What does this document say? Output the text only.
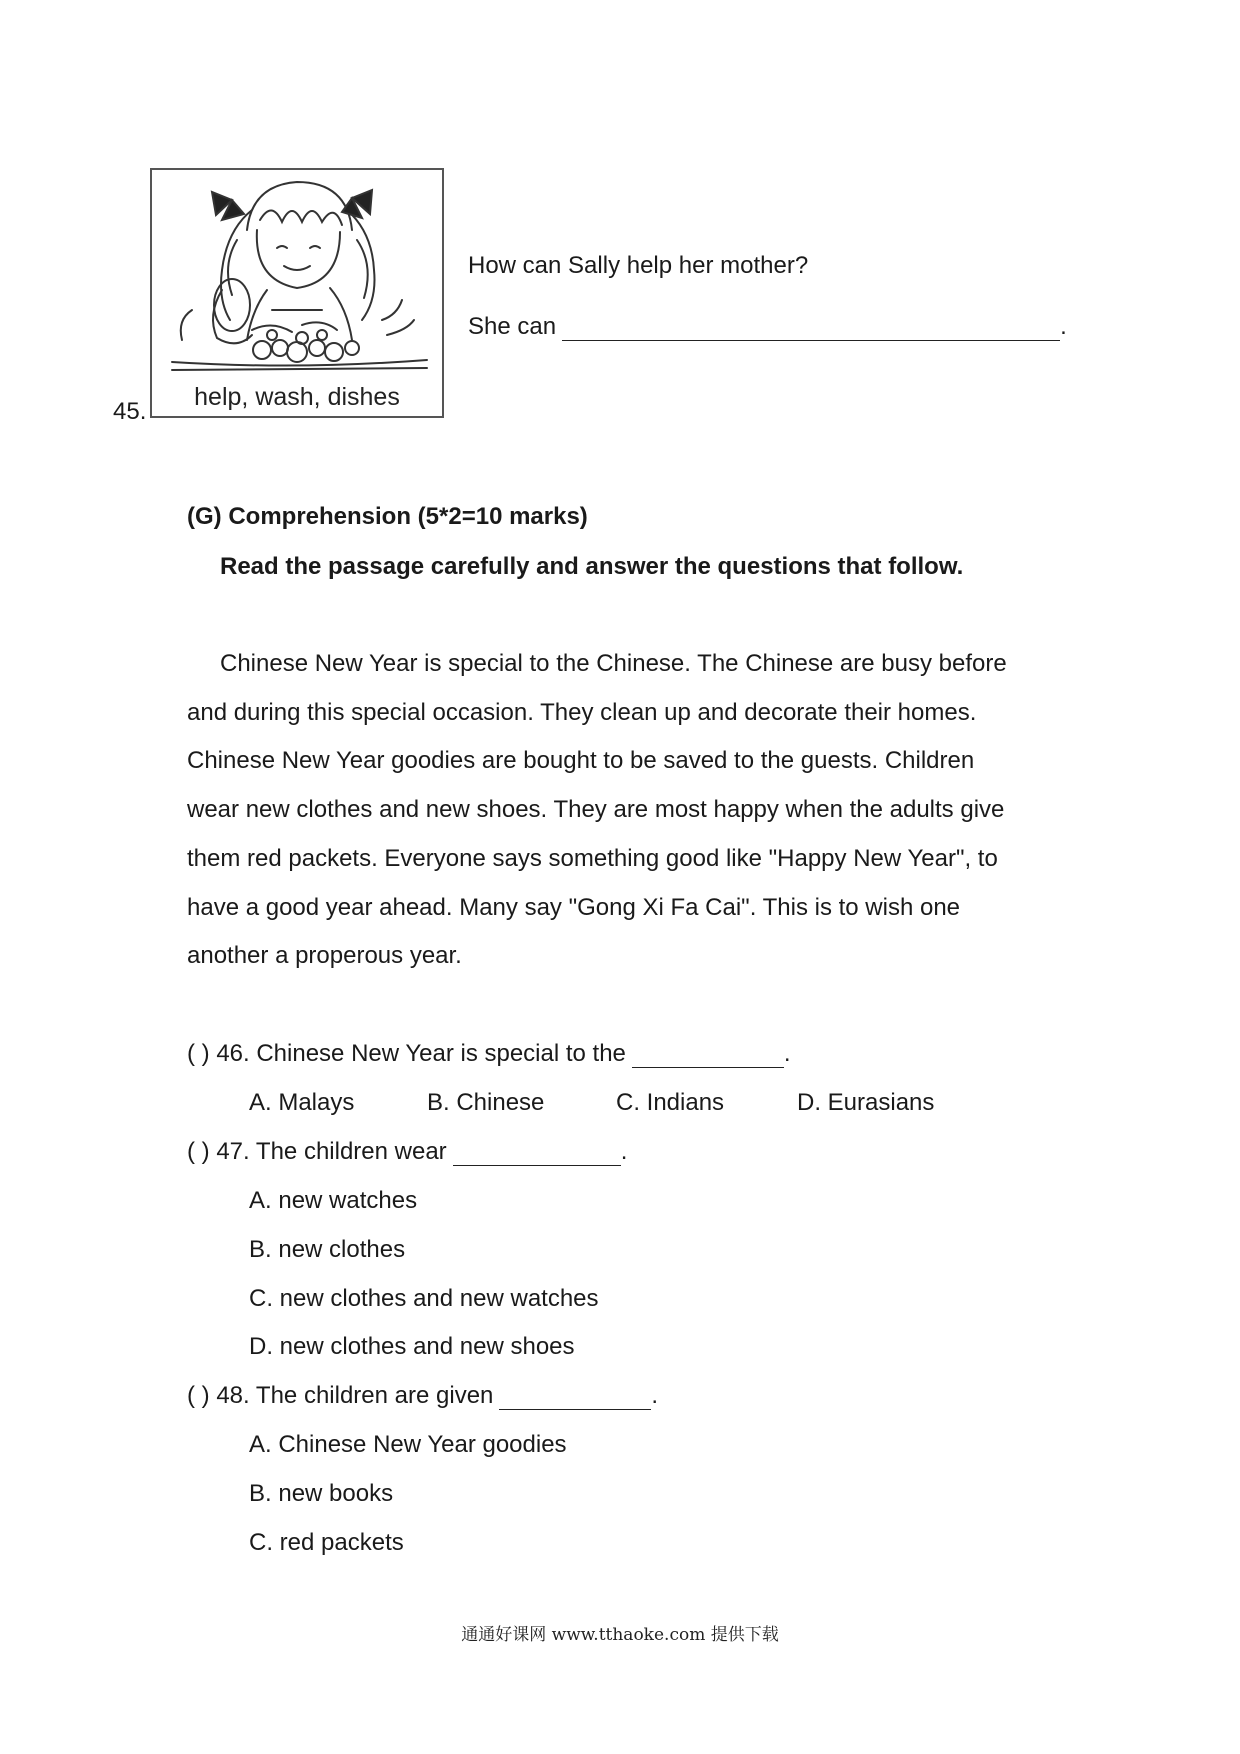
45.
help, wash, dishes
How can Sally help her mother?
She can	.
(G) Comprehension (5*2=10 marks)
Read the passage carefully and answer the questions that follow.
Chinese New Year is special to the Chinese. The Chinese are busy before
and during this special occasion. They clean up and decorate their homes.
Chinese New Year goodies are bought to be saved to the guests. Children
wear new clothes and new shoes. They are most happy when the adults give
them red packets. Everyone says something good like "Happy New Year", to
have a good year ahead. Many say "Gong Xi Fa Cai". This is to wish one
another a properous year.
( ) 46. Chinese New Year is special to the	.
A. Malays	B. Chinese	C. Indians	D. Eurasians
( ) 47. The children wear	.
A. new watches
B. new clothes
C. new clothes and new watches
D. new clothes and new shoes
( ) 48. The children are given	.
A. Chinese New Year goodies
B. new books
C. red packets
通通好课网 www.tthaoke.com 提供下载
